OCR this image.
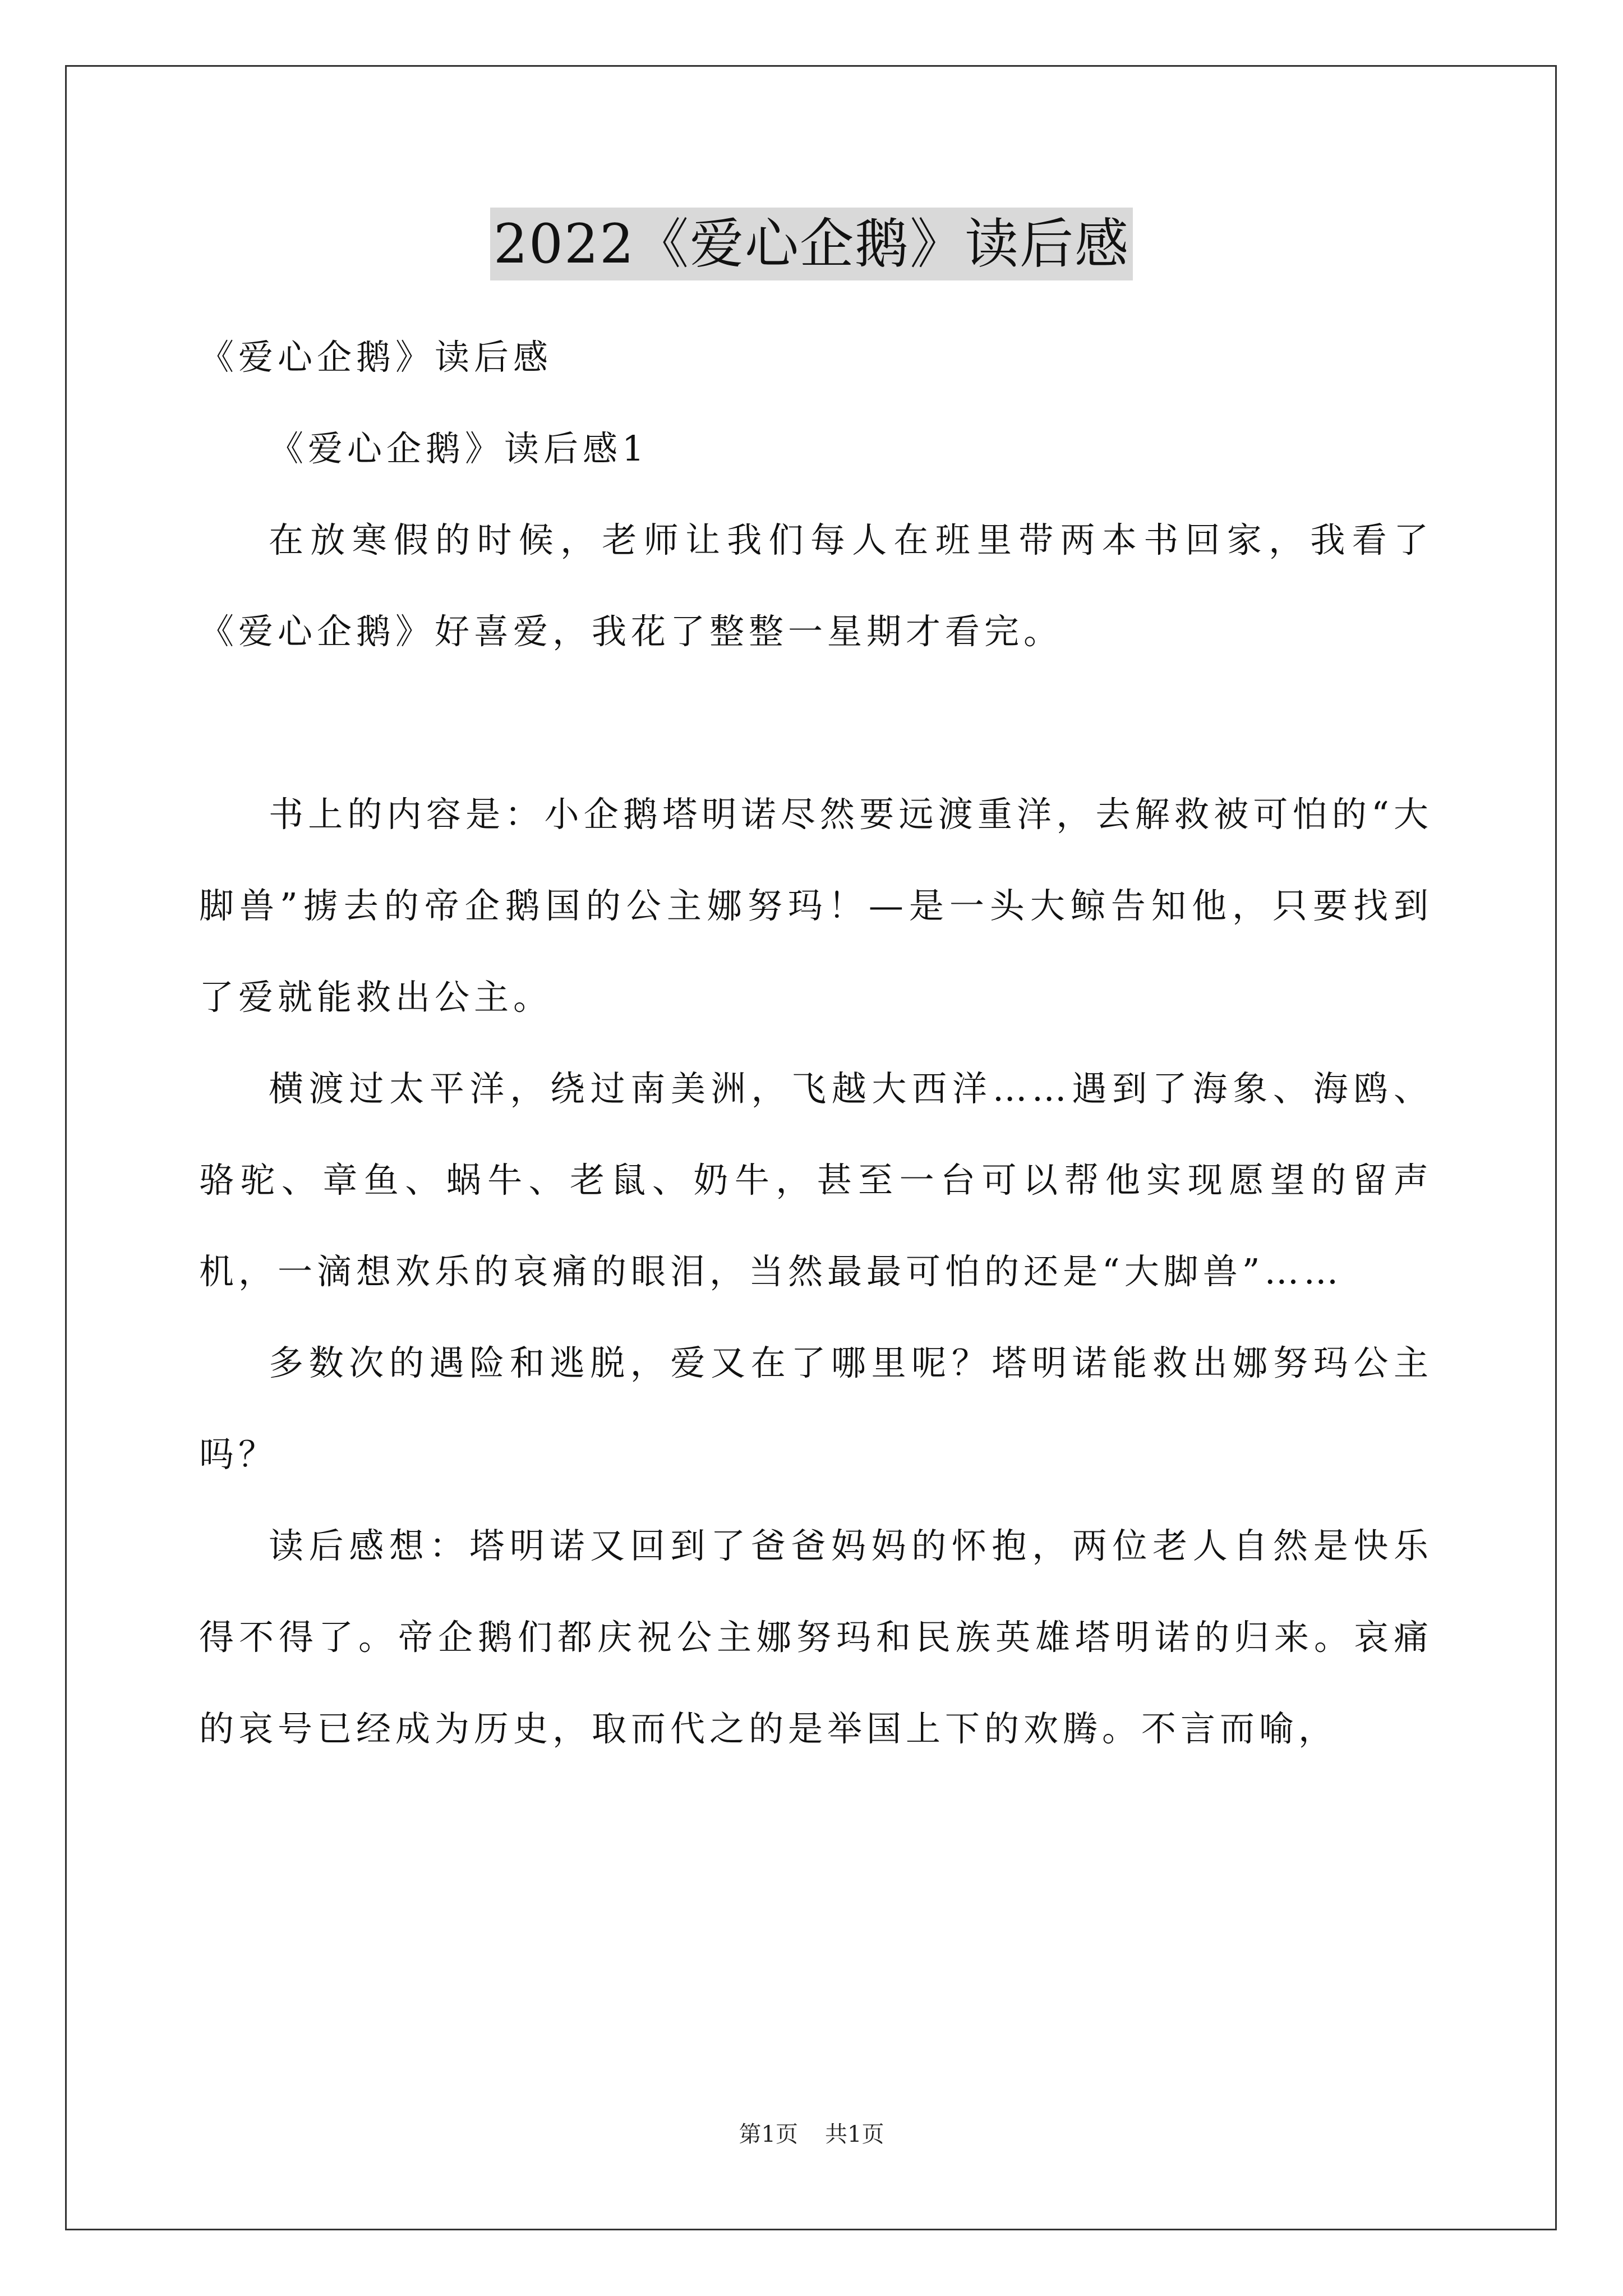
2022《爱心企鹅》读后感

《爱心企鹅》读后感

《爱心企鹅》读后感1

在放寒假的时候，老师让我们每人在班里带两本书回家，我看了《爱心企鹅》好喜爱，我花了整整一星期才看完。

书上的内容是：小企鹅塔明诺尽然要远渡重洋，去解救被可怕的“大脚兽”掳去的帝企鹅国的公主娜努玛！—是一头大鲸告知他，只要找到了爱就能救出公主。

横渡过太平洋，绕过南美洲，飞越大西洋……遇到了海象、海鸥、骆驼、章鱼、蜗牛、老鼠、奶牛，甚至一台可以帮他实现愿望的留声机，一滴想欢乐的哀痛的眼泪，当然最最可怕的还是“大脚兽”……

多数次的遇险和逃脱，爱又在了哪里呢？塔明诺能救出娜努玛公主吗？

读后感想：塔明诺又回到了爸爸妈妈的怀抱，两位老人自然是快乐得不得了。帝企鹅们都庆祝公主娜努玛和民族英雄塔明诺的归来。哀痛的哀号已经成为历史，取而代之的是举国上下的欢腾。不言而喻，

第1页 共1页
